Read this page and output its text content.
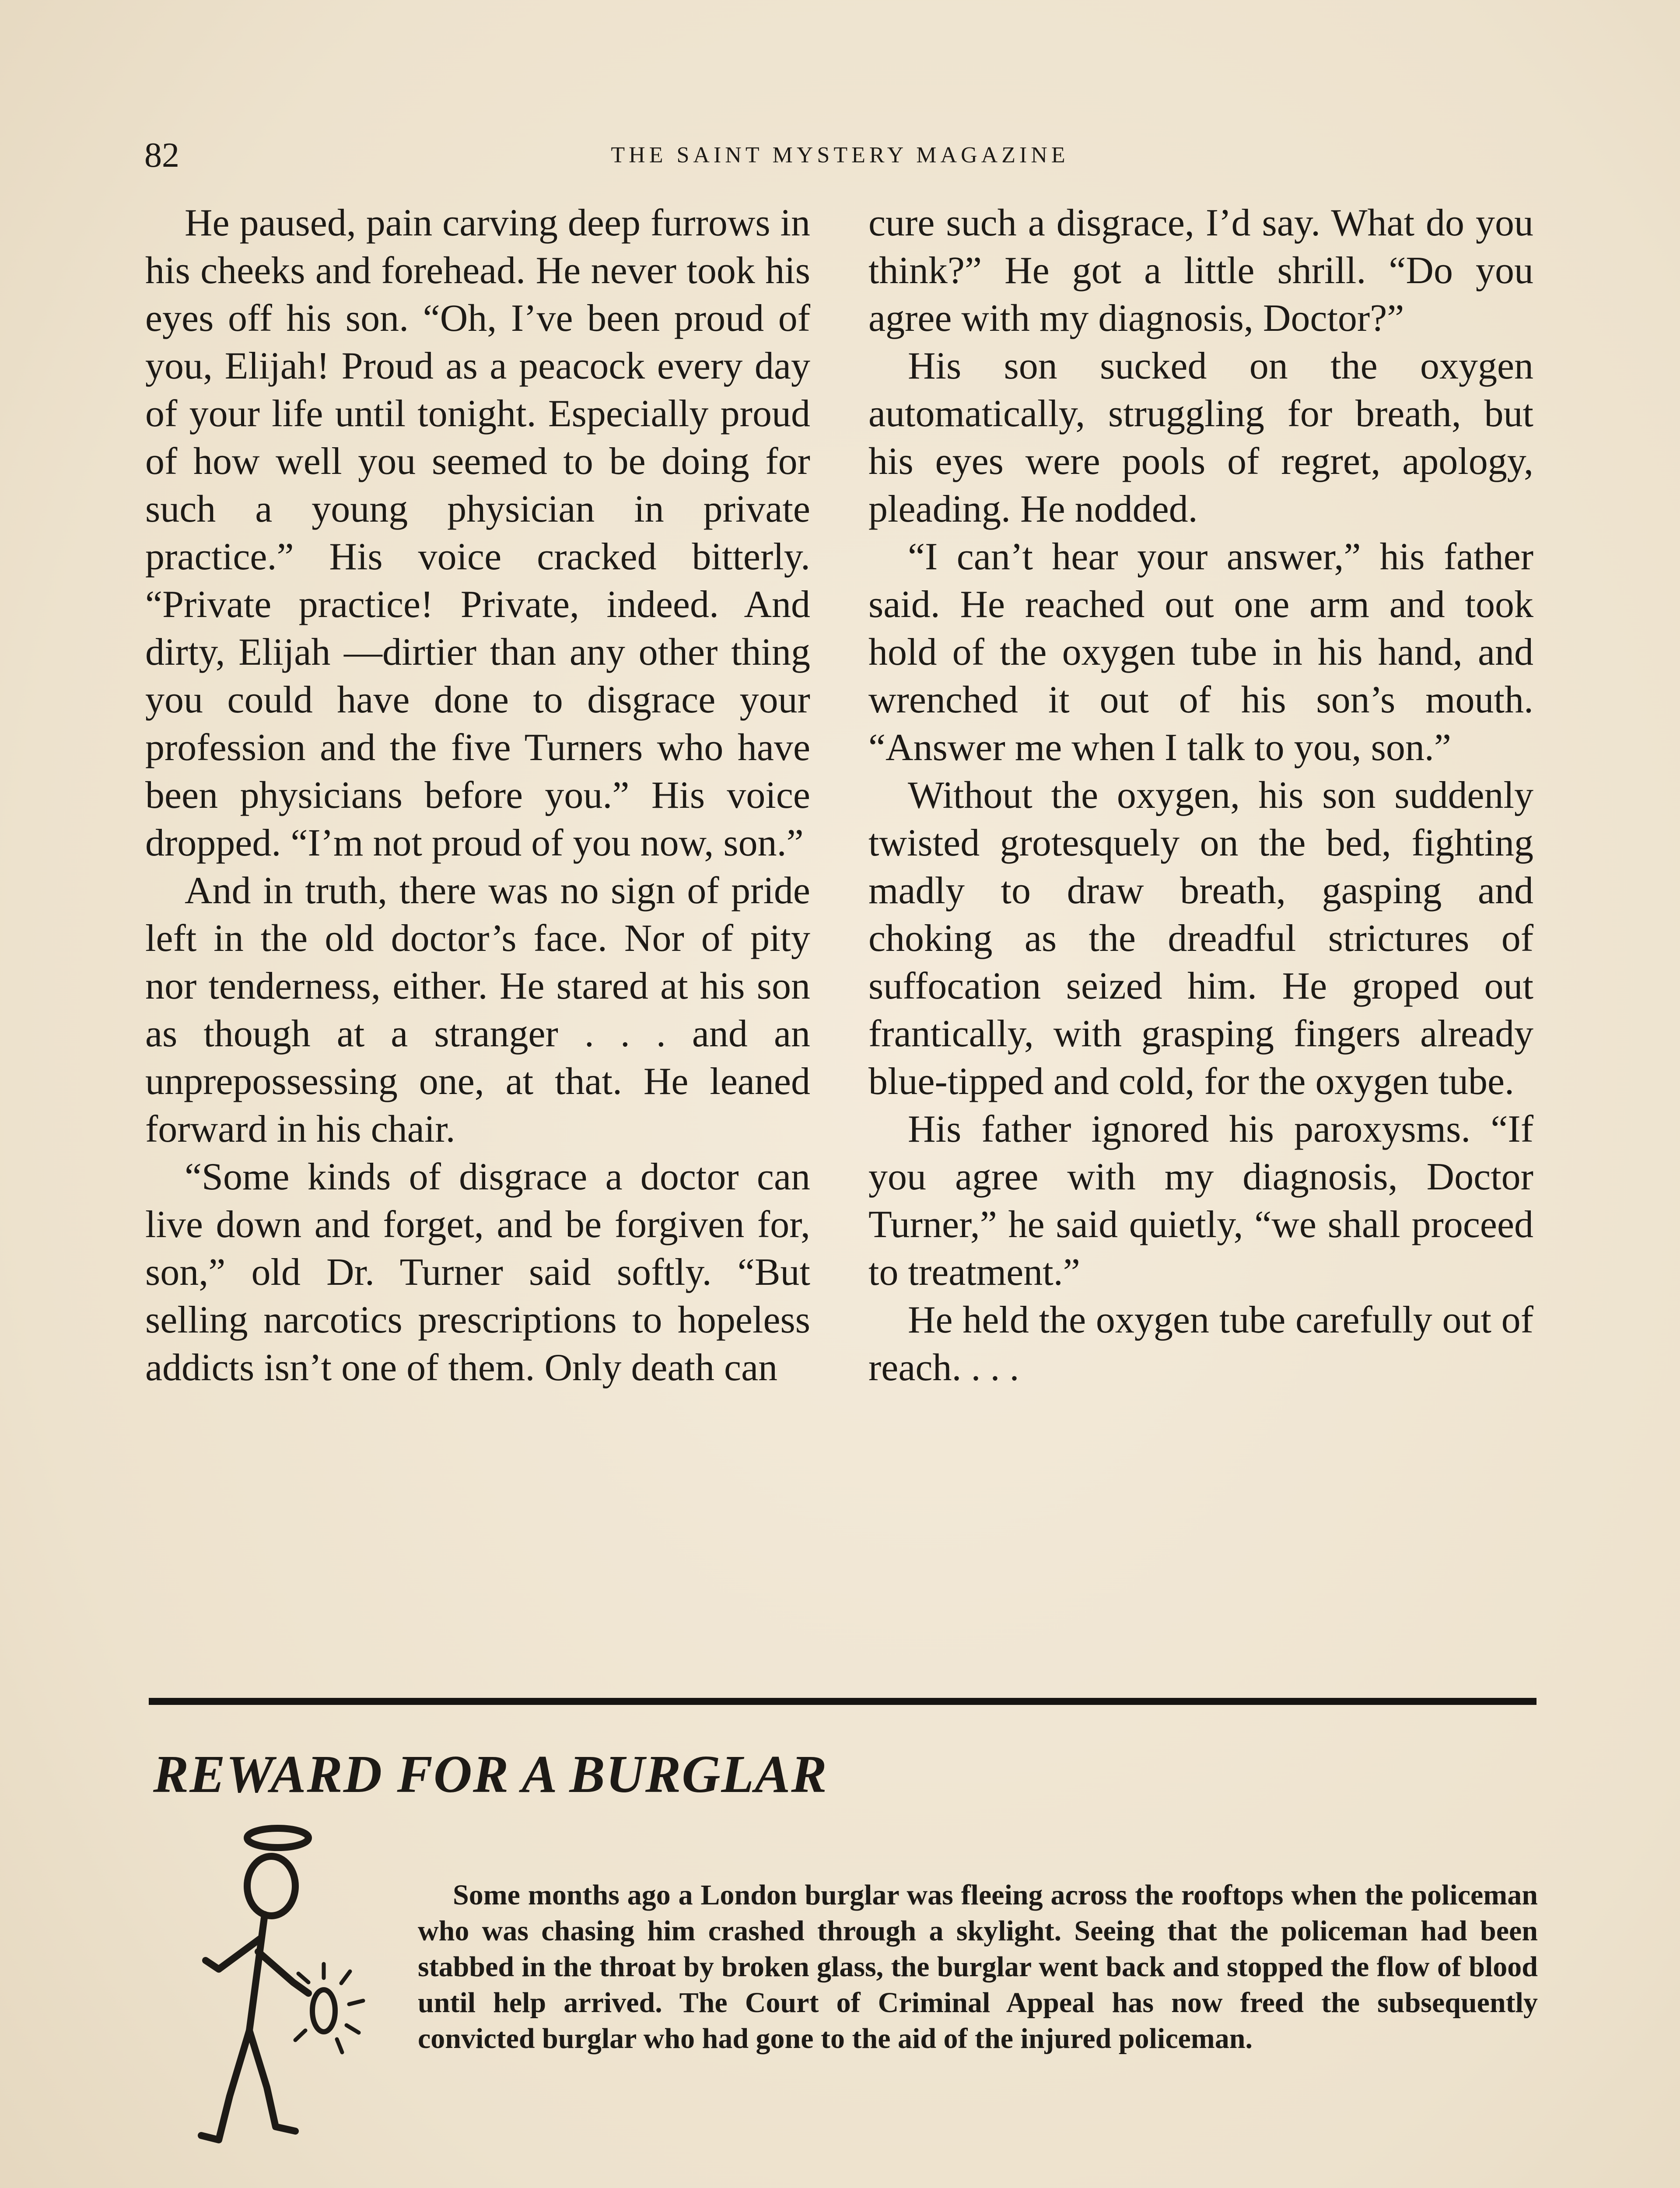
82	THE SAINT MYSTERY MAGAZINE

He paused, pain carving deep furrows in his cheeks and forehead. He never took his eyes off his son. “Oh, I’ve been proud of you, Elijah! Proud as a peacock every day of your life until tonight. Especially proud of how well you seemed to be doing for such a young physician in private practice.” His voice cracked bitterly. “Private practice! Private, indeed. And dirty, Elijah —dirtier than any other thing you could have done to disgrace your profession and the five Turners who have been physicians before you.” His voice dropped. “I’m not proud of you now, son.”

And in truth, there was no sign of pride left in the old doctor’s face. Nor of pity nor tenderness, either. He stared at his son as though at a stranger . . . and an unprepossessing one, at that. He leaned forward in his chair.

“Some kinds of disgrace a doctor can live down and forget, and be forgiven for, son,” old Dr. Turner said softly. “But selling narcotics prescriptions to hopeless addicts isn’t one of them. Only death can

cure such a disgrace, I’d say. What do you think?” He got a little shrill. “Do you agree with my diagnosis, Doctor?”

His son sucked on the oxygen automatically, struggling for breath, but his eyes were pools of regret, apology, pleading. He nodded.

“I can’t hear your answer,” his father said. He reached out one arm and took hold of the oxygen tube in his hand, and wrenched it out of his son’s mouth. “Answer me when I talk to you, son.”

Without the oxygen, his son suddenly twisted grotesquely on the bed, fighting madly to draw breath, gasping and choking as the dreadful strictures of suffocation seized him. He groped out frantically, with grasping fingers already blue-tipped and cold, for the oxygen tube.

His father ignored his paroxysms. “If you agree with my diagnosis, Doctor Turner,” he said quietly, “we shall proceed to treatment.”

He held the oxygen tube carefully out of reach. . . .

REWARD FOR A BURGLAR

Some months ago a London burglar was fleeing across the rooftops when the policeman who was chasing him crashed through a skylight. Seeing that the policeman had been stabbed in the throat by broken glass, the burglar went back and stopped the flow of blood until help arrived. The Court of Criminal Appeal has now freed the subsequently convicted burglar who had gone to the aid of the injured policeman.
